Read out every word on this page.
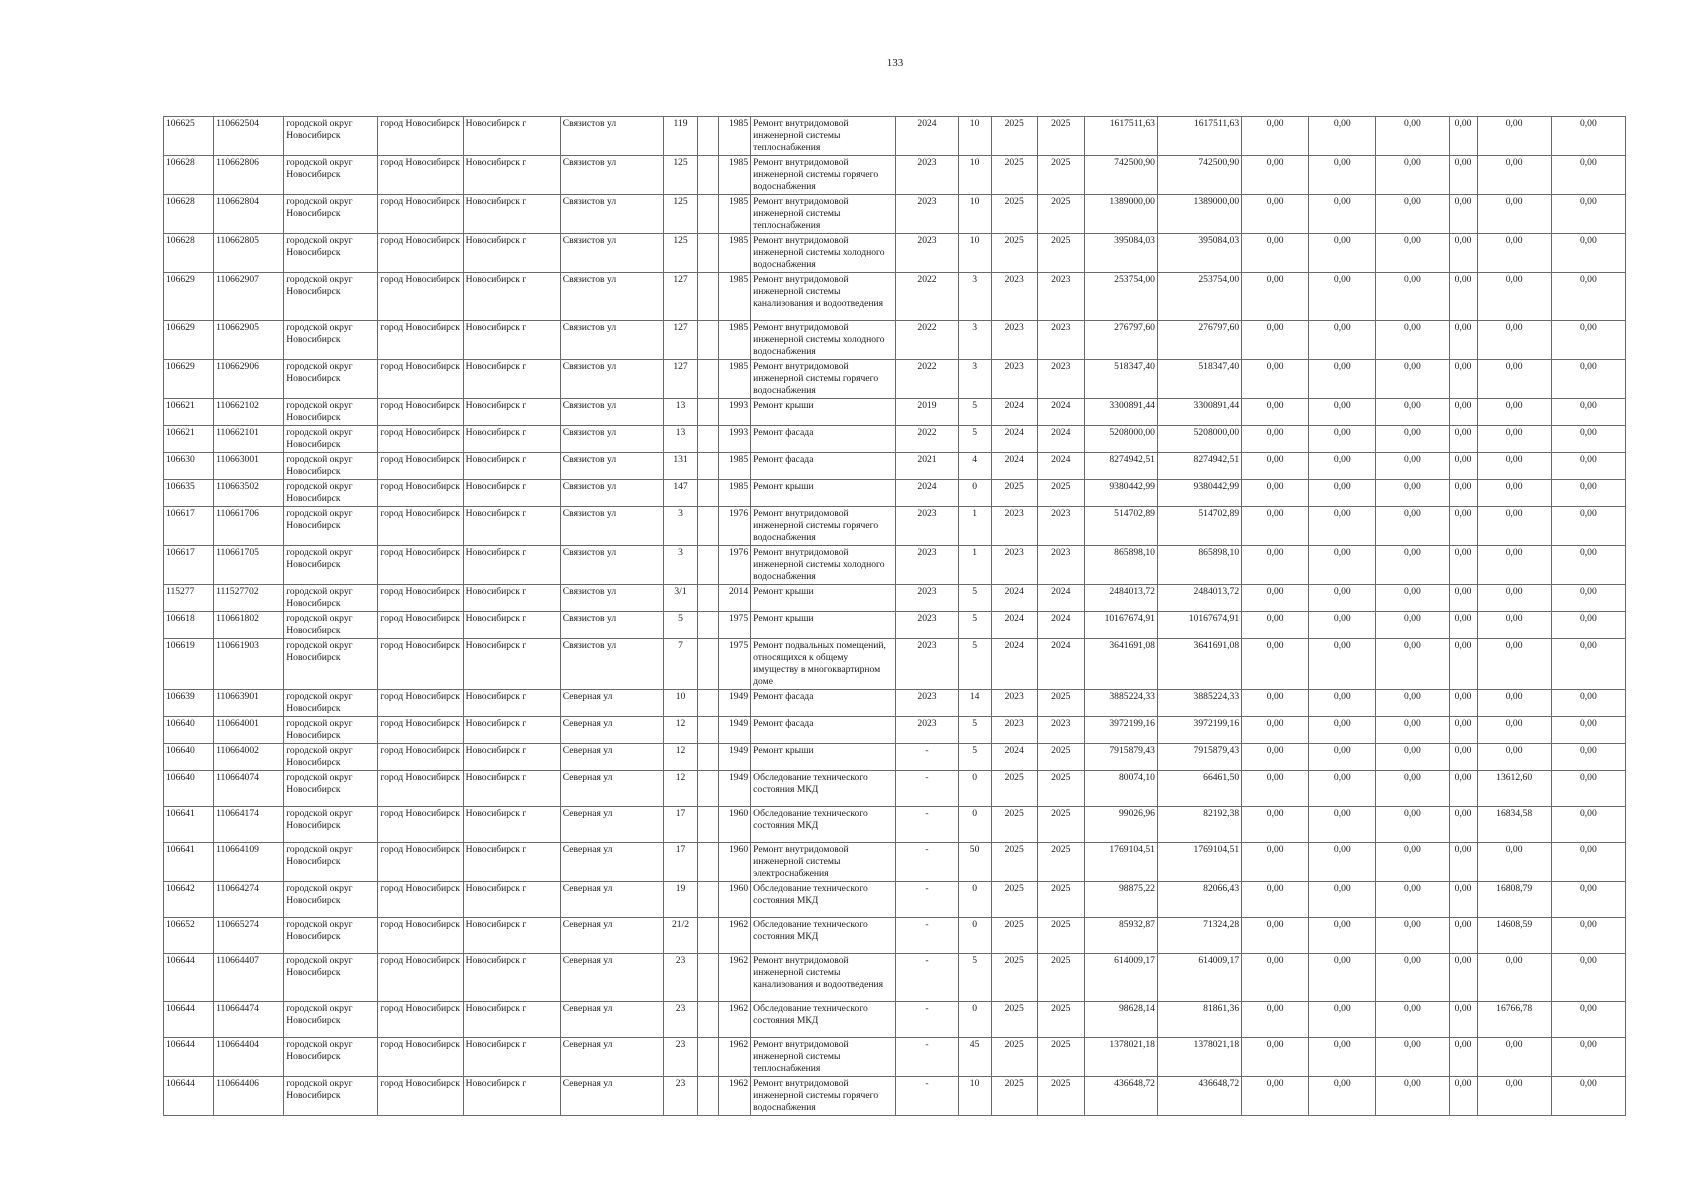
133
106625	110662504	городской округ Новосибирск	город Новосибирск	Новосибирск г	Связистов ул	119		1985	Ремонт внутридомовой инженерной системы теплоснабжения	2024	10	2025	2025	1617511,63	1617511,63	0,00	0,00	0,00	0,00	0,00	0,00
106628	110662806	городской округ Новосибирск	город Новосибирск	Новосибирск г	Связистов ул	125		1985	Ремонт внутридомовой инженерной системы горячего водоснабжения	2023	10	2025	2025	742500,90	742500,90	0,00	0,00	0,00	0,00	0,00	0,00
106628	110662804	городской округ Новосибирск	город Новосибирск	Новосибирск г	Связистов ул	125		1985	Ремонт внутридомовой инженерной системы теплоснабжения	2023	10	2025	2025	1389000,00	1389000,00	0,00	0,00	0,00	0,00	0,00	0,00
106628	110662805	городской округ Новосибирск	город Новосибирск	Новосибирск г	Связистов ул	125		1985	Ремонт внутридомовой инженерной системы холодного водоснабжения	2023	10	2025	2025	395084,03	395084,03	0,00	0,00	0,00	0,00	0,00	0,00
106629	110662907	городской округ Новосибирск	город Новосибирск	Новосибирск г	Связистов ул	127		1985	Ремонт внутридомовой инженерной системы канализования и водоотведения	2022	3	2023	2023	253754,00	253754,00	0,00	0,00	0,00	0,00	0,00	0,00
106629	110662905	городской округ Новосибирск	город Новосибирск	Новосибирск г	Связистов ул	127		1985	Ремонт внутридомовой инженерной системы холодного водоснабжения	2022	3	2023	2023	276797,60	276797,60	0,00	0,00	0,00	0,00	0,00	0,00
106629	110662906	городской округ Новосибирск	город Новосибирск	Новосибирск г	Связистов ул	127		1985	Ремонт внутридомовой инженерной системы горячего водоснабжения	2022	3	2023	2023	518347,40	518347,40	0,00	0,00	0,00	0,00	0,00	0,00
106621	110662102	городской округ Новосибирск	город Новосибирск	Новосибирск г	Связистов ул	13		1993	Ремонт крыши	2019	5	2024	2024	3300891,44	3300891,44	0,00	0,00	0,00	0,00	0,00	0,00
106621	110662101	городской округ Новосибирск	город Новосибирск	Новосибирск г	Связистов ул	13		1993	Ремонт фасада	2022	5	2024	2024	5208000,00	5208000,00	0,00	0,00	0,00	0,00	0,00	0,00
106630	110663001	городской округ Новосибирск	город Новосибирск	Новосибирск г	Связистов ул	131		1985	Ремонт фасада	2021	4	2024	2024	8274942,51	8274942,51	0,00	0,00	0,00	0,00	0,00	0,00
106635	110663502	городской округ Новосибирск	город Новосибирск	Новосибирск г	Связистов ул	147		1985	Ремонт крыши	2024	0	2025	2025	9380442,99	9380442,99	0,00	0,00	0,00	0,00	0,00	0,00
106617	110661706	городской округ Новосибирск	город Новосибирск	Новосибирск г	Связистов ул	3		1976	Ремонт внутридомовой инженерной системы горячего водоснабжения	2023	1	2023	2023	514702,89	514702,89	0,00	0,00	0,00	0,00	0,00	0,00
106617	110661705	городской округ Новосибирск	город Новосибирск	Новосибирск г	Связистов ул	3		1976	Ремонт внутридомовой инженерной системы холодного водоснабжения	2023	1	2023	2023	865898,10	865898,10	0,00	0,00	0,00	0,00	0,00	0,00
115277	111527702	городской округ Новосибирск	город Новосибирск	Новосибирск г	Связистов ул	3/1		2014	Ремонт крыши	2023	5	2024	2024	2484013,72	2484013,72	0,00	0,00	0,00	0,00	0,00	0,00
106618	110661802	городской округ Новосибирск	город Новосибирск	Новосибирск г	Связистов ул	5		1975	Ремонт крыши	2023	5	2024	2024	10167674,91	10167674,91	0,00	0,00	0,00	0,00	0,00	0,00
106619	110661903	городской округ Новосибирск	город Новосибирск	Новосибирск г	Связистов ул	7		1975	Ремонт подвальных помещений, относящихся к общему имуществу в многоквартирном доме	2023	5	2024	2024	3641691,08	3641691,08	0,00	0,00	0,00	0,00	0,00	0,00
106639	110663901	городской округ Новосибирск	город Новосибирск	Новосибирск г	Северная ул	10		1949	Ремонт фасада	2023	14	2023	2025	3885224,33	3885224,33	0,00	0,00	0,00	0,00	0,00	0,00
106640	110664001	городской округ Новосибирск	город Новосибирск	Новосибирск г	Северная ул	12		1949	Ремонт фасада	2023	5	2023	2023	3972199,16	3972199,16	0,00	0,00	0,00	0,00	0,00	0,00
106640	110664002	городской округ Новосибирск	город Новосибирск	Новосибирск г	Северная ул	12		1949	Ремонт крыши	-	5	2024	2025	7915879,43	7915879,43	0,00	0,00	0,00	0,00	0,00	0,00
106640	110664074	городской округ Новосибирск	город Новосибирск	Новосибирск г	Северная ул	12		1949	Обследование технического состояния МКД	-	0	2025	2025	80074,10	66461,50	0,00	0,00	0,00	0,00	13612,60	0,00
106641	110664174	городской округ Новосибирск	город Новосибирск	Новосибирск г	Северная ул	17		1960	Обследование технического состояния МКД	-	0	2025	2025	99026,96	82192,38	0,00	0,00	0,00	0,00	16834,58	0,00
106641	110664109	городской округ Новосибирск	город Новосибирск	Новосибирск г	Северная ул	17		1960	Ремонт внутридомовой инженерной системы электроснабжения	-	50	2025	2025	1769104,51	1769104,51	0,00	0,00	0,00	0,00	0,00	0,00
106642	110664274	городской округ Новосибирск	город Новосибирск	Новосибирск г	Северная ул	19		1960	Обследование технического состояния МКД	-	0	2025	2025	98875,22	82066,43	0,00	0,00	0,00	0,00	16808,79	0,00
106652	110665274	городской округ Новосибирск	город Новосибирск	Новосибирск г	Северная ул	21/2		1962	Обследование технического состояния МКД	-	0	2025	2025	85932,87	71324,28	0,00	0,00	0,00	0,00	14608,59	0,00
106644	110664407	городской округ Новосибирск	город Новосибирск	Новосибирск г	Северная ул	23		1962	Ремонт внутридомовой инженерной системы канализования и водоотведения	-	5	2025	2025	614009,17	614009,17	0,00	0,00	0,00	0,00	0,00	0,00
106644	110664474	городской округ Новосибирск	город Новосибирск	Новосибирск г	Северная ул	23		1962	Обследование технического состояния МКД	-	0	2025	2025	98628,14	81861,36	0,00	0,00	0,00	0,00	16766,78	0,00
106644	110664404	городской округ Новосибирск	город Новосибирск	Новосибирск г	Северная ул	23		1962	Ремонт внутридомовой инженерной системы теплоснабжения	-	45	2025	2025	1378021,18	1378021,18	0,00	0,00	0,00	0,00	0,00	0,00
106644	110664406	городской округ Новосибирск	город Новосибирск	Новосибирск г	Северная ул	23		1962	Ремонт внутридомовой инженерной системы горячего водоснабжения	-	10	2025	2025	436648,72	436648,72	0,00	0,00	0,00	0,00	0,00	0,00
